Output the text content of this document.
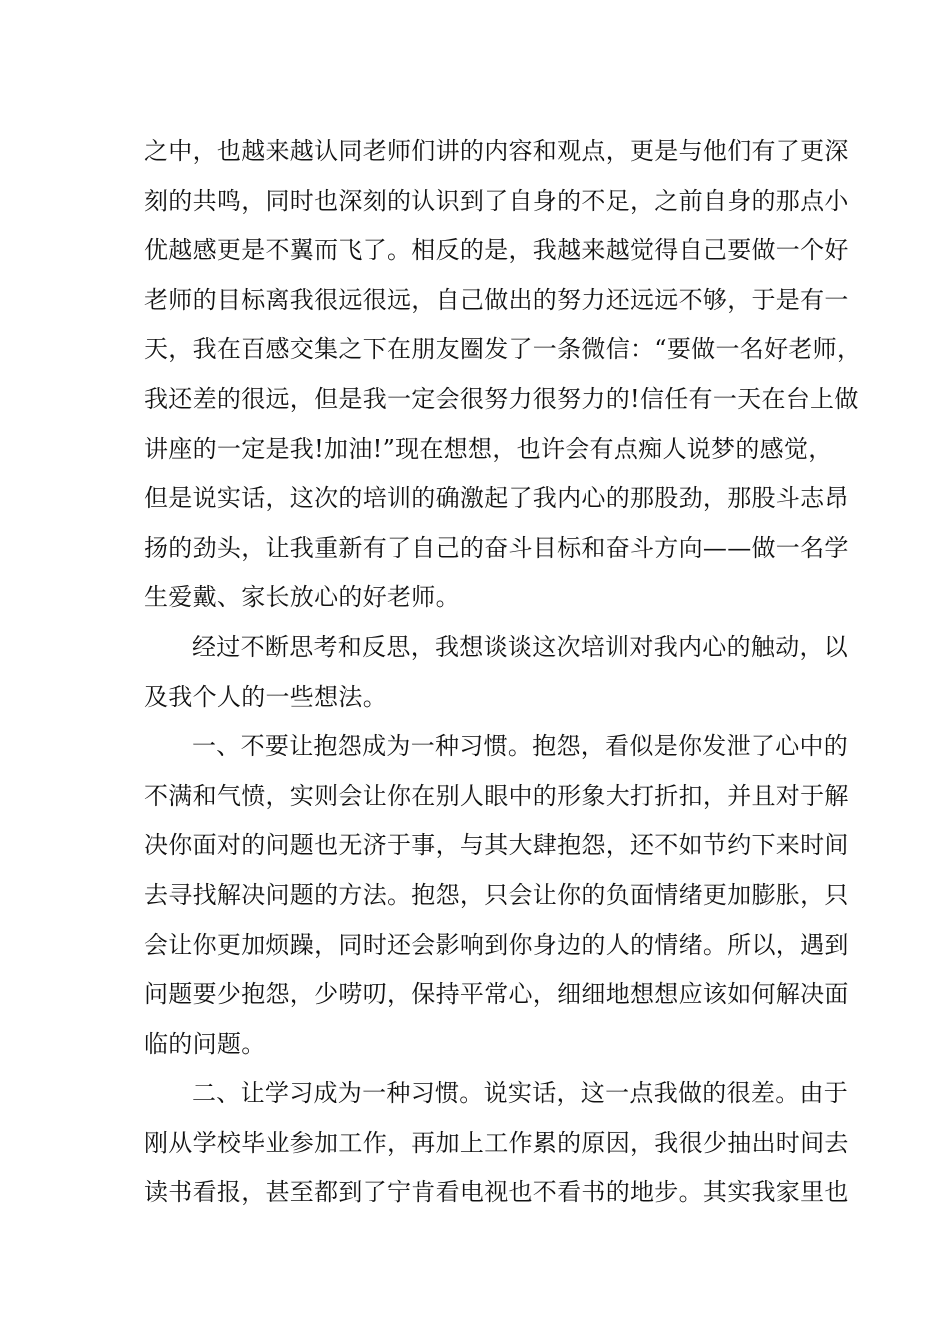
之中，也越来越认同老师们讲的内容和观点，更是与他们有了更深
刻的共鸣，同时也深刻的认识到了自身的不足，之前自身的那点小
优越感更是不翼而飞了。相反的是，我越来越觉得自己要做一个好
老师的目标离我很远很远，自己做出的努力还远远不够，于是有一
天，我在百感交集之下在朋友圈发了一条微信：“要做一名好老师，
我还差的很远，但是我一定会很努力很努力的!信任有一天在台上做
讲座的一定是我!加油!”现在想想，也许会有点痴人说梦的感觉，
但是说实话，这次的培训的确激起了我内心的那股劲，那股斗志昂
扬的劲头，让我重新有了自己的奋斗目标和奋斗方向——做一名学
生爱戴、家长放心的好老师。
经过不断思考和反思，我想谈谈这次培训对我内心的触动，以
及我个人的一些想法。
一、不要让抱怨成为一种习惯。抱怨，看似是你发泄了心中的
不满和气愤，实则会让你在别人眼中的形象大打折扣，并且对于解
决你面对的问题也无济于事，与其大肆抱怨，还不如节约下来时间
去寻找解决问题的方法。抱怨，只会让你的负面情绪更加膨胀，只
会让你更加烦躁，同时还会影响到你身边的人的情绪。所以，遇到
问题要少抱怨，少唠叨，保持平常心，细细地想想应该如何解决面
临的问题。
二、让学习成为一种习惯。说实话，这一点我做的很差。由于
刚从学校毕业参加工作，再加上工作累的原因，我很少抽出时间去
读书看报，甚至都到了宁肯看电视也不看书的地步。其实我家里也
